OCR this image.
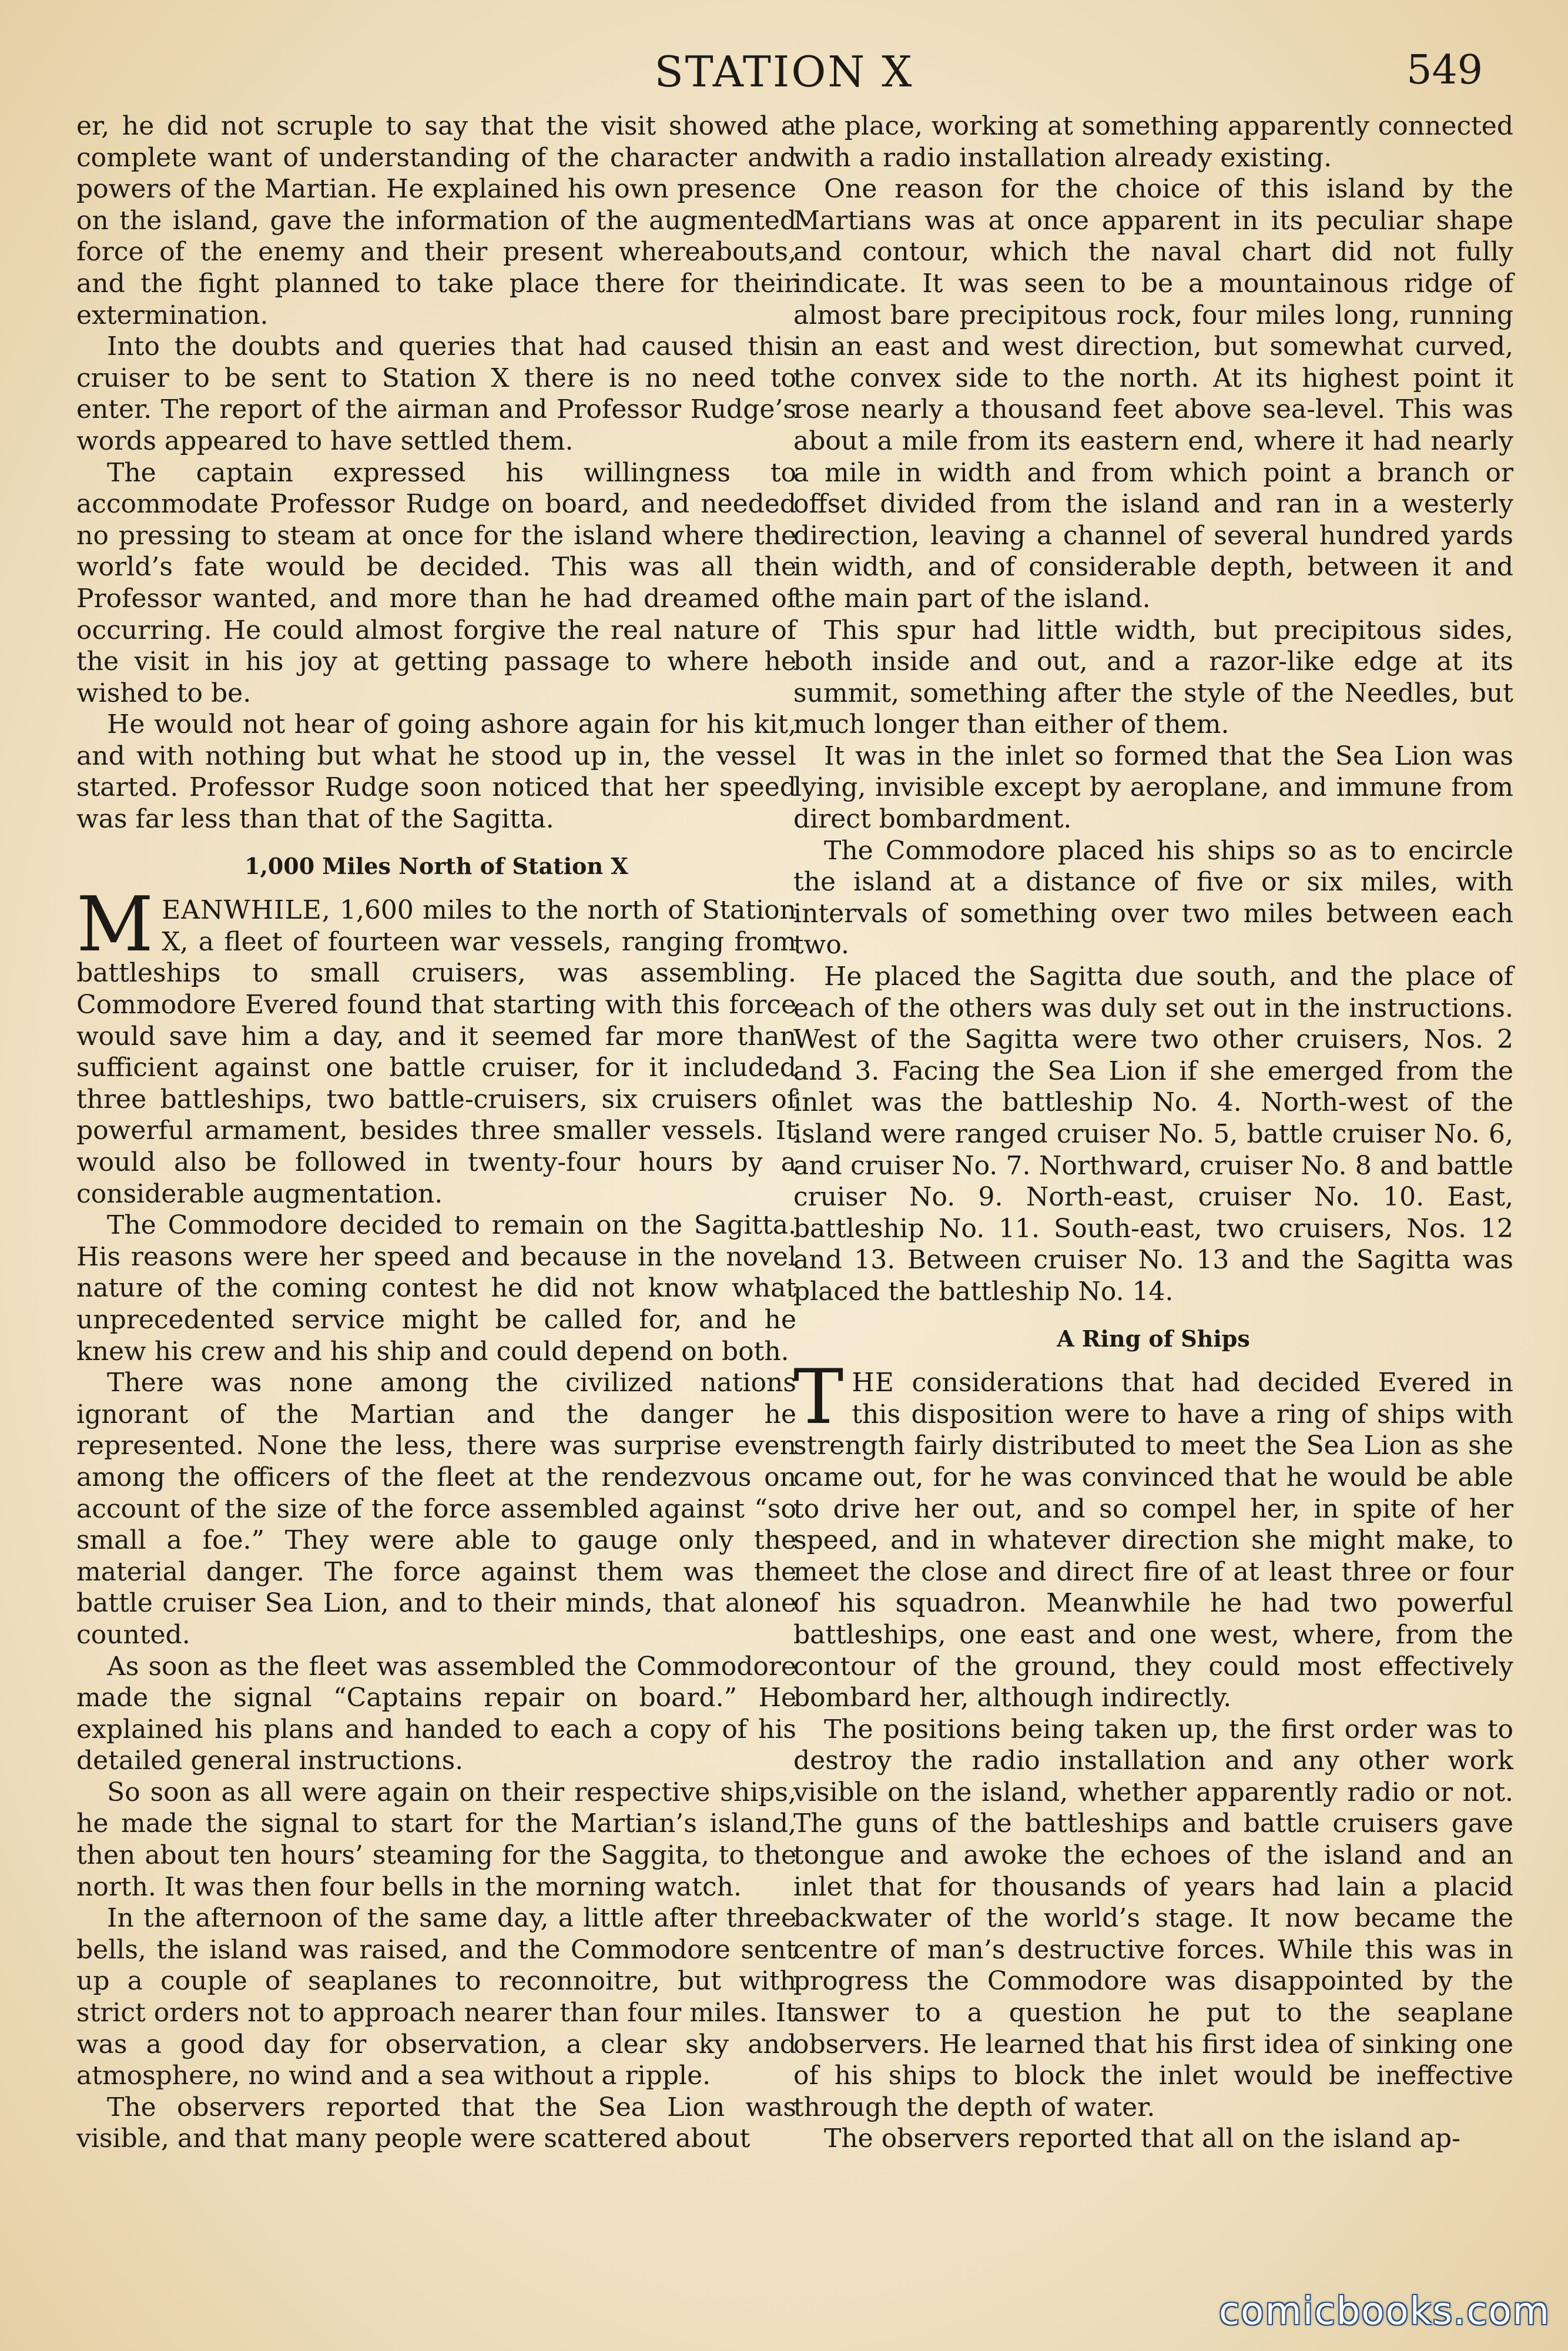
STATION X	549

er, he did not scruple to say that the visit showed a complete want of understanding of the character and powers of the Martian. He explained his own presence on the island, gave the information of the augmented force of the enemy and their present whereabouts, and the fight planned to take place there for their extermination.

Into the doubts and queries that had caused this cruiser to be sent to Station X there is no need to enter. The report of the airman and Professor Rudge’s words appeared to have settled them.

The captain expressed his willingness to accommodate Professor Rudge on board, and needed no pressing to steam at once for the island where the world’s fate would be decided. This was all the Professor wanted, and more than he had dreamed of occurring. He could almost forgive the real nature of the visit in his joy at getting passage to where he wished to be.

He would not hear of going ashore again for his kit, and with nothing but what he stood up in, the vessel started. Professor Rudge soon noticed that her speed was far less than that of the Sagitta.

1,000 Miles North of Station X

MEANWHILE, 1,600 miles to the north of Station X, a fleet of fourteen war vessels, ranging from battleships to small cruisers, was assembling. Commodore Evered found that starting with this force would save him a day, and it seemed far more than sufficient against one battle cruiser, for it included three battleships, two battle-cruisers, six cruisers of powerful armament, besides three smaller vessels. It would also be followed in twenty-four hours by a considerable augmentation.

The Commodore decided to remain on the Sagitta. His reasons were her speed and because in the novel nature of the coming contest he did not know what unprecedented service might be called for, and he knew his crew and his ship and could depend on both.

There was none among the civilized nations ignorant of the Martian and the danger he represented. None the less, there was surprise even among the officers of the fleet at the rendezvous on account of the size of the force assembled against “so small a foe.” They were able to gauge only the material danger. The force against them was the battle cruiser Sea Lion, and to their minds, that alone counted.

As soon as the fleet was assembled the Commodore made the signal “Captains repair on board.” He explained his plans and handed to each a copy of his detailed general instructions.

So soon as all were again on their respective ships, he made the signal to start for the Martian’s island, then about ten hours’ steaming for the Saggita, to the north. It was then four bells in the morning watch.

In the afternoon of the same day, a little after three bells, the island was raised, and the Commodore sent up a couple of seaplanes to reconnoitre, but with strict orders not to approach nearer than four miles. It was a good day for observation, a clear sky and atmosphere, no wind and a sea without a ripple.

The observers reported that the Sea Lion was visible, and that many people were scattered about

the place, working at something apparently connected with a radio installation already existing.

One reason for the choice of this island by the Martians was at once apparent in its peculiar shape and contour, which the naval chart did not fully indicate. It was seen to be a mountainous ridge of almost bare precipitous rock, four miles long, running in an east and west direction, but somewhat curved, the convex side to the north. At its highest point it rose nearly a thousand feet above sea-level. This was about a mile from its eastern end, where it had nearly a mile in width and from which point a branch or offset divided from the island and ran in a westerly direction, leaving a channel of several hundred yards in width, and of considerable depth, between it and the main part of the island.

This spur had little width, but precipitous sides, both inside and out, and a razor-like edge at its summit, something after the style of the Needles, but much longer than either of them.

It was in the inlet so formed that the Sea Lion was lying, invisible except by aeroplane, and immune from direct bombardment.

The Commodore placed his ships so as to encircle the island at a distance of five or six miles, with intervals of something over two miles between each two.

He placed the Sagitta due south, and the place of each of the others was duly set out in the instructions. West of the Sagitta were two other cruisers, Nos. 2 and 3. Facing the Sea Lion if she emerged from the inlet was the battleship No. 4. North-west of the island were ranged cruiser No. 5, battle cruiser No. 6, and cruiser No. 7. Northward, cruiser No. 8 and battle cruiser No. 9. North-east, cruiser No. 10. East, battleship No. 11. South-east, two cruisers, Nos. 12 and 13. Between cruiser No. 13 and the Sagitta was placed the battleship No. 14.

A Ring of Ships

THE considerations that had decided Evered in this disposition were to have a ring of ships with strength fairly distributed to meet the Sea Lion as she came out, for he was convinced that he would be able to drive her out, and so compel her, in spite of her speed, and in whatever direction she might make, to meet the close and direct fire of at least three or four of his squadron. Meanwhile he had two powerful battleships, one east and one west, where, from the contour of the ground, they could most effectively bombard her, although indirectly.

The positions being taken up, the first order was to destroy the radio installation and any other work visible on the island, whether apparently radio or not. The guns of the battleships and battle cruisers gave tongue and awoke the echoes of the island and an inlet that for thousands of years had lain a placid backwater of the world’s stage. It now became the centre of man’s destructive forces. While this was in progress the Commodore was disappointed by the answer to a question he put to the seaplane observers. He learned that his first idea of sinking one of his ships to block the inlet would be ineffective through the depth of water.

The observers reported that all on the island ap-

comicbooks.com
